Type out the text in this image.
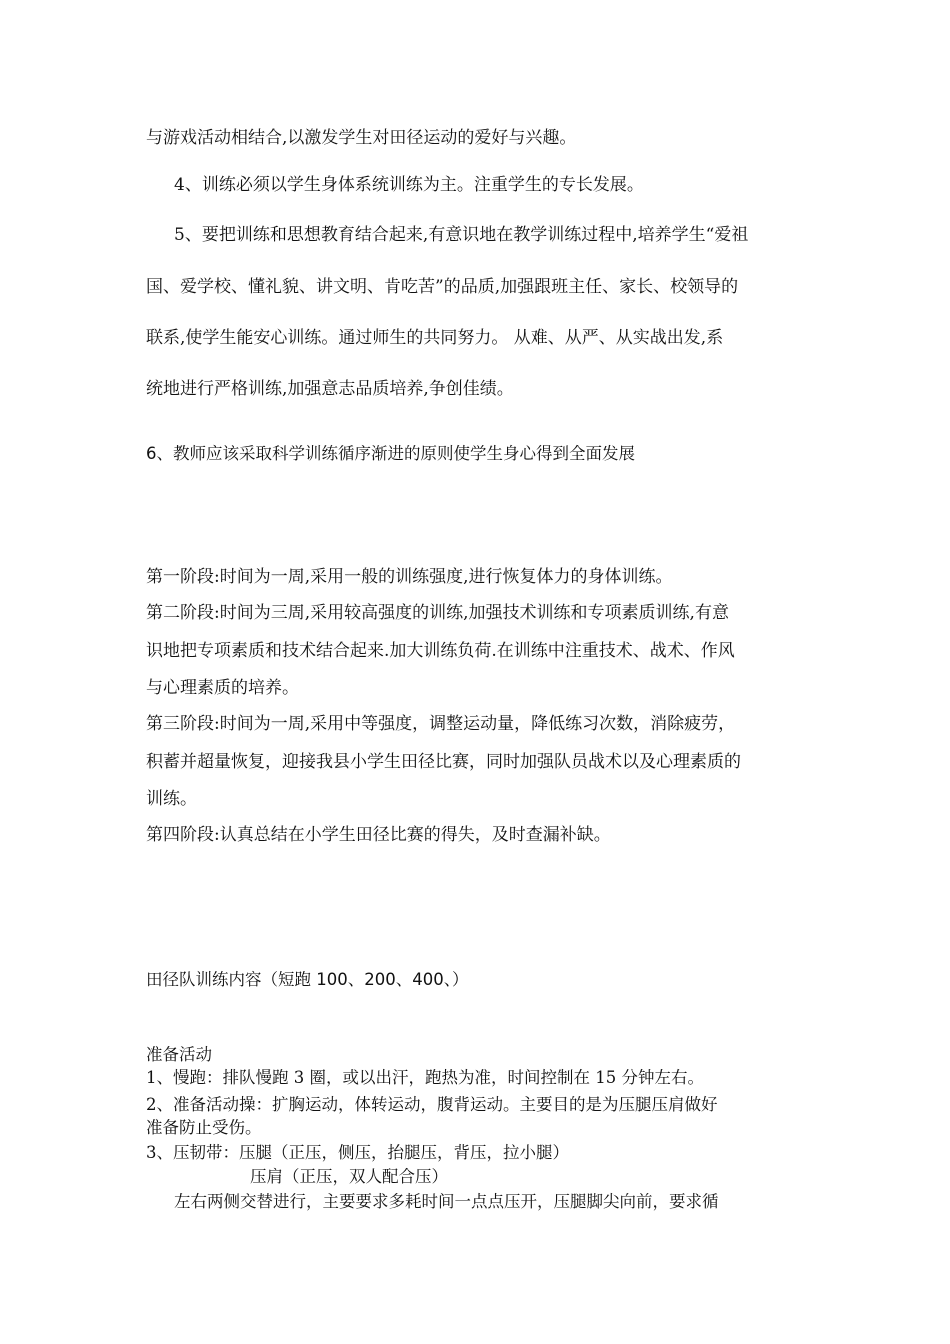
与游戏活动相结合,以激发学生对田径运动的爱好与兴趣。
4、训练必须以学生身体系统训练为主。注重学生的专长发展。
5、要把训练和思想教育结合起来,有意识地在教学训练过程中,培养学生“爱祖
国、爱学校、懂礼貌、讲文明、肯吃苦”的品质,加强跟班主任、家长、校领导的
联系,使学生能安心训练。通过师生的共同努力。 从难、从严、从实战出发,系
统地进行严格训练,加强意志品质培养,争创佳绩。
6、教师应该采取科学训练循序渐进的原则使学生身心得到全面发展
第一阶段:时间为一周,采用一般的训练强度,进行恢复体力的身体训练。
第二阶段:时间为三周,采用较高强度的训练,加强技术训练和专项素质训练,有意
识地把专项素质和技术结合起来.加大训练负荷.在训练中注重技术、战术、作风
与心理素质的培养。
第三阶段:时间为一周,采用中等强度，调整运动量，降低练习次数，消除疲劳，
积蓄并超量恢复，迎接我县小学生田径比赛，同时加强队员战术以及心理素质的
训练。
第四阶段:认真总结在小学生田径比赛的得失，及时查漏补缺。
田径队训练内容（短跑 100、200、400、）
准备活动
1、慢跑：排队慢跑 3 圈，或以出汗，跑热为准，时间控制在 15 分钟左右。
2、准备活动操：扩胸运动，体转运动，腹背运动。主要目的是为压腿压肩做好
准备防止受伤。
3、压韧带：压腿（正压，侧压，抬腿压，背压，拉小腿）
压肩（正压，双人配合压）
左右两侧交替进行，主要要求多耗时间一点点压开，压腿脚尖向前，要求循
